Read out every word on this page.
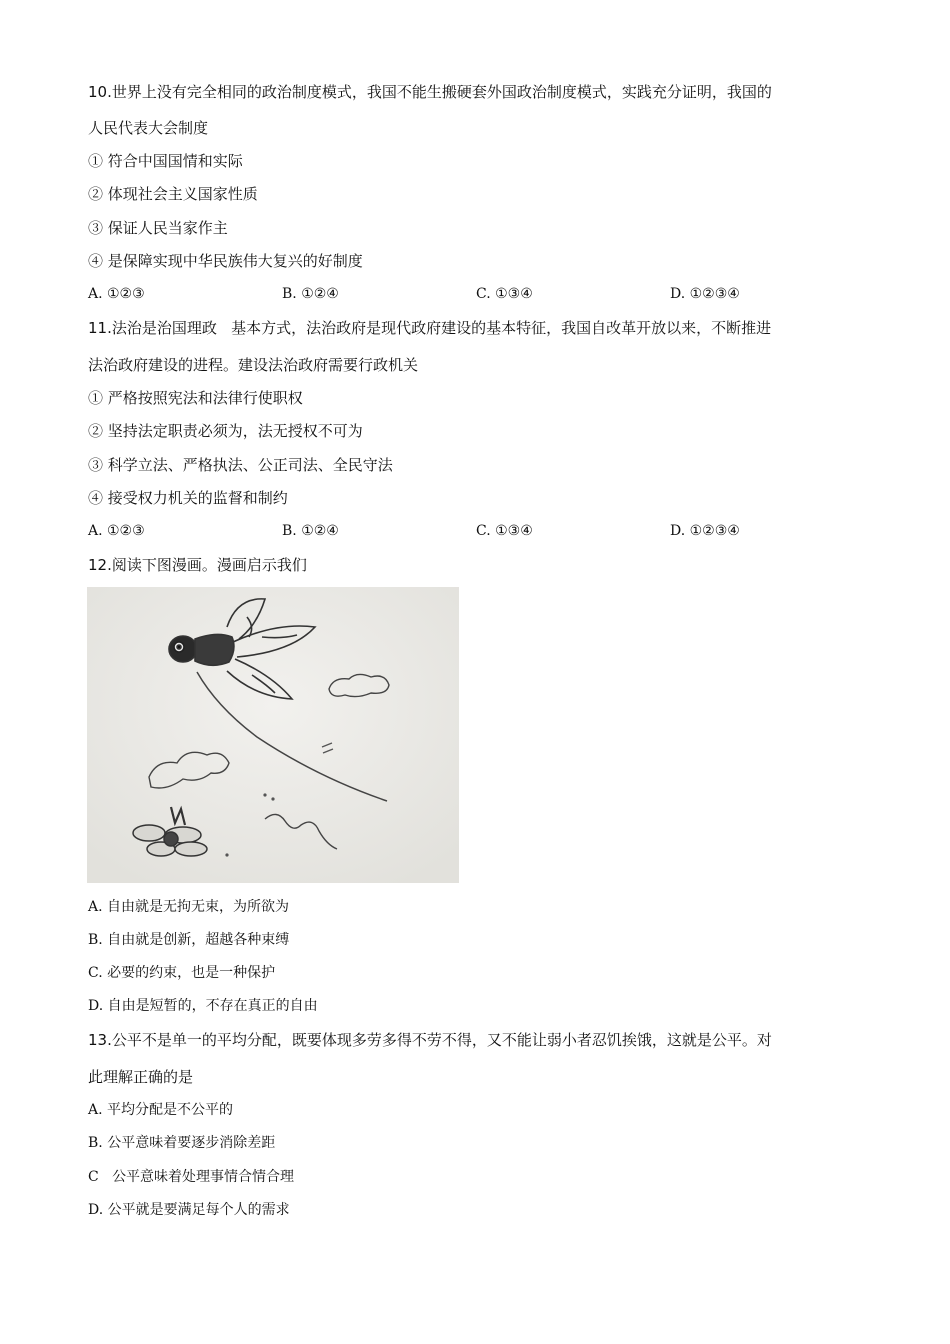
10.世界上没有完全相同的政治制度模式，我国不能生搬硬套外国政治制度模式，实践充分证明，我国的
人民代表大会制度
① 符合中国国情和实际
② 体现社会主义国家性质
③ 保证人民当家作主
④ 是保障实现中华民族伟大复兴的好制度
A. ①②③	B. ①②④	C. ①③④	D. ①②③④
11.法治是治国理政   基本方式，法治政府是现代政府建设的基本特征，我国自改革开放以来，不断推进
法治政府建设的进程。建设法治政府需要行政机关
① 严格按照宪法和法律行使职权
② 坚持法定职责必须为，法无授权不可为
③ 科学立法、严格执法、公正司法、全民守法
④ 接受权力机关的监督和制约
A. ①②③	B. ①②④	C. ①③④	D. ①②③④
12.阅读下图漫画。漫画启示我们
A. 自由就是无拘无束，为所欲为
B. 自由就是创新，超越各种束缚
C. 必要的约束，也是一种保护
D. 自由是短暂的，不存在真正的自由
13.公平不是单一的平均分配，既要体现多劳多得不劳不得，又不能让弱小者忍饥挨饿，这就是公平。对
此理解正确的是
A. 平均分配是不公平的
B. 公平意味着要逐步消除差距
C   公平意味着处理事情合情合理
D. 公平就是要满足每个人的需求
